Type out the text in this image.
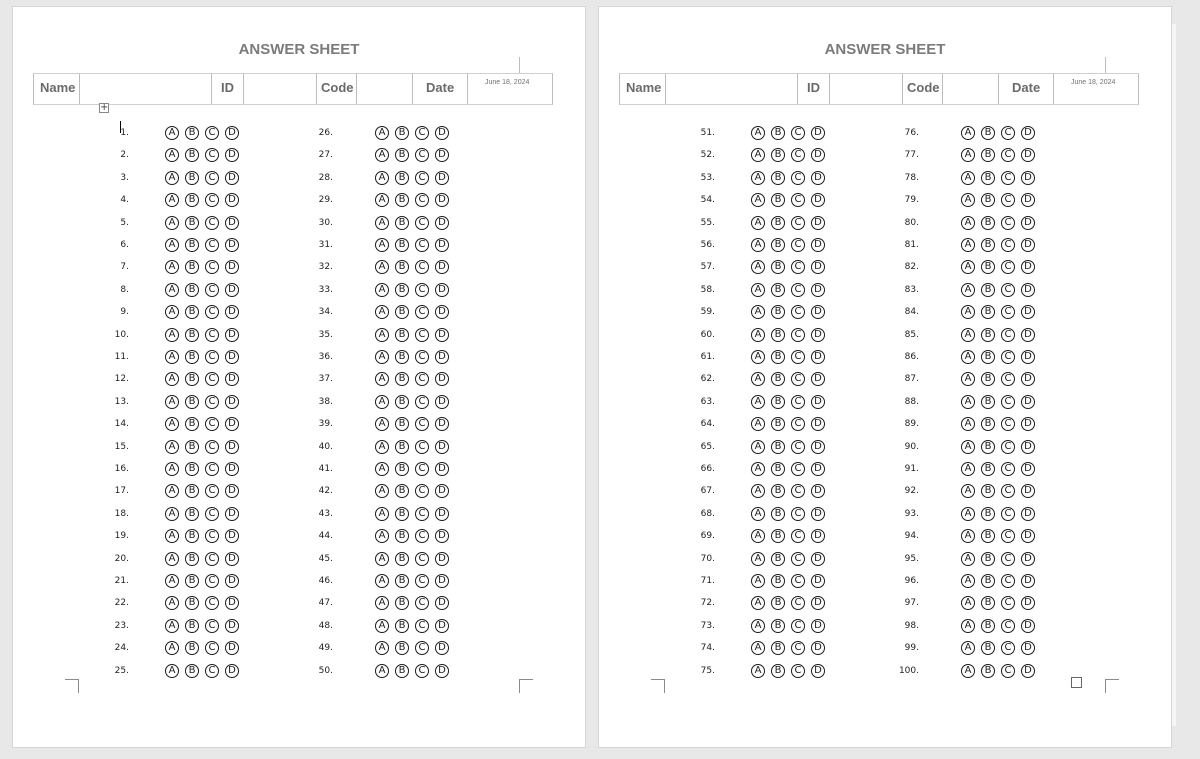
ANSWER SHEET
Name	ID	Code	Date	June 18, 2024
+
1.	A	B	C	D
2.	A	B	C	D
3.	A	B	C	D
4.	A	B	C	D
5.	A	B	C	D
6.	A	B	C	D
7.	A	B	C	D
8.	A	B	C	D
9.	A	B	C	D
10.	A	B	C	D
11.	A	B	C	D
12.	A	B	C	D
13.	A	B	C	D
14.	A	B	C	D
15.	A	B	C	D
16.	A	B	C	D
17.	A	B	C	D
18.	A	B	C	D
19.	A	B	C	D
20.	A	B	C	D
21.	A	B	C	D
22.	A	B	C	D
23.	A	B	C	D
24.	A	B	C	D
25.	A	B	C	D
26.	A	B	C	D
27.	A	B	C	D
28.	A	B	C	D
29.	A	B	C	D
30.	A	B	C	D
31.	A	B	C	D
32.	A	B	C	D
33.	A	B	C	D
34.	A	B	C	D
35.	A	B	C	D
36.	A	B	C	D
37.	A	B	C	D
38.	A	B	C	D
39.	A	B	C	D
40.	A	B	C	D
41.	A	B	C	D
42.	A	B	C	D
43.	A	B	C	D
44.	A	B	C	D
45.	A	B	C	D
46.	A	B	C	D
47.	A	B	C	D
48.	A	B	C	D
49.	A	B	C	D
50.	A	B	C	D
ANSWER SHEET
Name	ID	Code	Date	June 18, 2024
51.	A	B	C	D
52.	A	B	C	D
53.	A	B	C	D
54.	A	B	C	D
55.	A	B	C	D
56.	A	B	C	D
57.	A	B	C	D
58.	A	B	C	D
59.	A	B	C	D
60.	A	B	C	D
61.	A	B	C	D
62.	A	B	C	D
63.	A	B	C	D
64.	A	B	C	D
65.	A	B	C	D
66.	A	B	C	D
67.	A	B	C	D
68.	A	B	C	D
69.	A	B	C	D
70.	A	B	C	D
71.	A	B	C	D
72.	A	B	C	D
73.	A	B	C	D
74.	A	B	C	D
75.	A	B	C	D
76.	A	B	C	D
77.	A	B	C	D
78.	A	B	C	D
79.	A	B	C	D
80.	A	B	C	D
81.	A	B	C	D
82.	A	B	C	D
83.	A	B	C	D
84.	A	B	C	D
85.	A	B	C	D
86.	A	B	C	D
87.	A	B	C	D
88.	A	B	C	D
89.	A	B	C	D
90.	A	B	C	D
91.	A	B	C	D
92.	A	B	C	D
93.	A	B	C	D
94.	A	B	C	D
95.	A	B	C	D
96.	A	B	C	D
97.	A	B	C	D
98.	A	B	C	D
99.	A	B	C	D
100.	A	B	C	D
